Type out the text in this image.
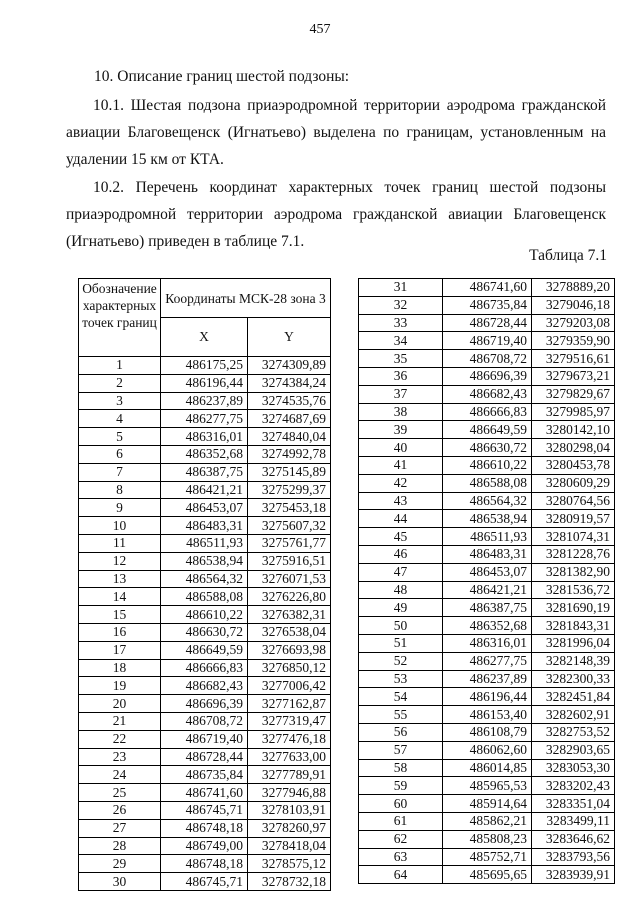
457
10. Описание границ шестой подзоны:
10.1. Шестая подзона приаэродромной территории аэродрома гражданской авиации Благовещенск (Игнатьево) выделена по границам, установленным на удалении 15 км от КТА.
10.2. Перечень координат характерных точек границ шестой подзоны приаэродромной территории аэродрома гражданской авиации Благовещенск (Игнатьево) приведен в таблице 7.1.
Таблица 7.1
Обозначение характерных точек границ	Координаты МСК-28 зона 3	
	X	Y
1	486175,25	3274309,89
2	486196,44	3274384,24
3	486237,89	3274535,76
4	486277,75	3274687,69
5	486316,01	3274840,04
6	486352,68	3274992,78
7	486387,75	3275145,89
8	486421,21	3275299,37
9	486453,07	3275453,18
10	486483,31	3275607,32
11	486511,93	3275761,77
12	486538,94	3275916,51
13	486564,32	3276071,53
14	486588,08	3276226,80
15	486610,22	3276382,31
16	486630,72	3276538,04
17	486649,59	3276693,98
18	486666,83	3276850,12
19	486682,43	3277006,42
20	486696,39	3277162,87
21	486708,72	3277319,47
22	486719,40	3277476,18
23	486728,44	3277633,00
24	486735,84	3277789,91
25	486741,60	3277946,88
26	486745,71	3278103,91
27	486748,18	3278260,97
28	486749,00	3278418,04
29	486748,18	3278575,12
30	486745,71	3278732,18
31	486741,60	3278889,20
32	486735,84	3279046,18
33	486728,44	3279203,08
34	486719,40	3279359,90
35	486708,72	3279516,61
36	486696,39	3279673,21
37	486682,43	3279829,67
38	486666,83	3279985,97
39	486649,59	3280142,10
40	486630,72	3280298,04
41	486610,22	3280453,78
42	486588,08	3280609,29
43	486564,32	3280764,56
44	486538,94	3280919,57
45	486511,93	3281074,31
46	486483,31	3281228,76
47	486453,07	3281382,90
48	486421,21	3281536,72
49	486387,75	3281690,19
50	486352,68	3281843,31
51	486316,01	3281996,04
52	486277,75	3282148,39
53	486237,89	3282300,33
54	486196,44	3282451,84
55	486153,40	3282602,91
56	486108,79	3282753,52
57	486062,60	3282903,65
58	486014,85	3283053,30
59	485965,53	3283202,43
60	485914,64	3283351,04
61	485862,21	3283499,11
62	485808,23	3283646,62
63	485752,71	3283793,56
64	485695,65	3283939,91
